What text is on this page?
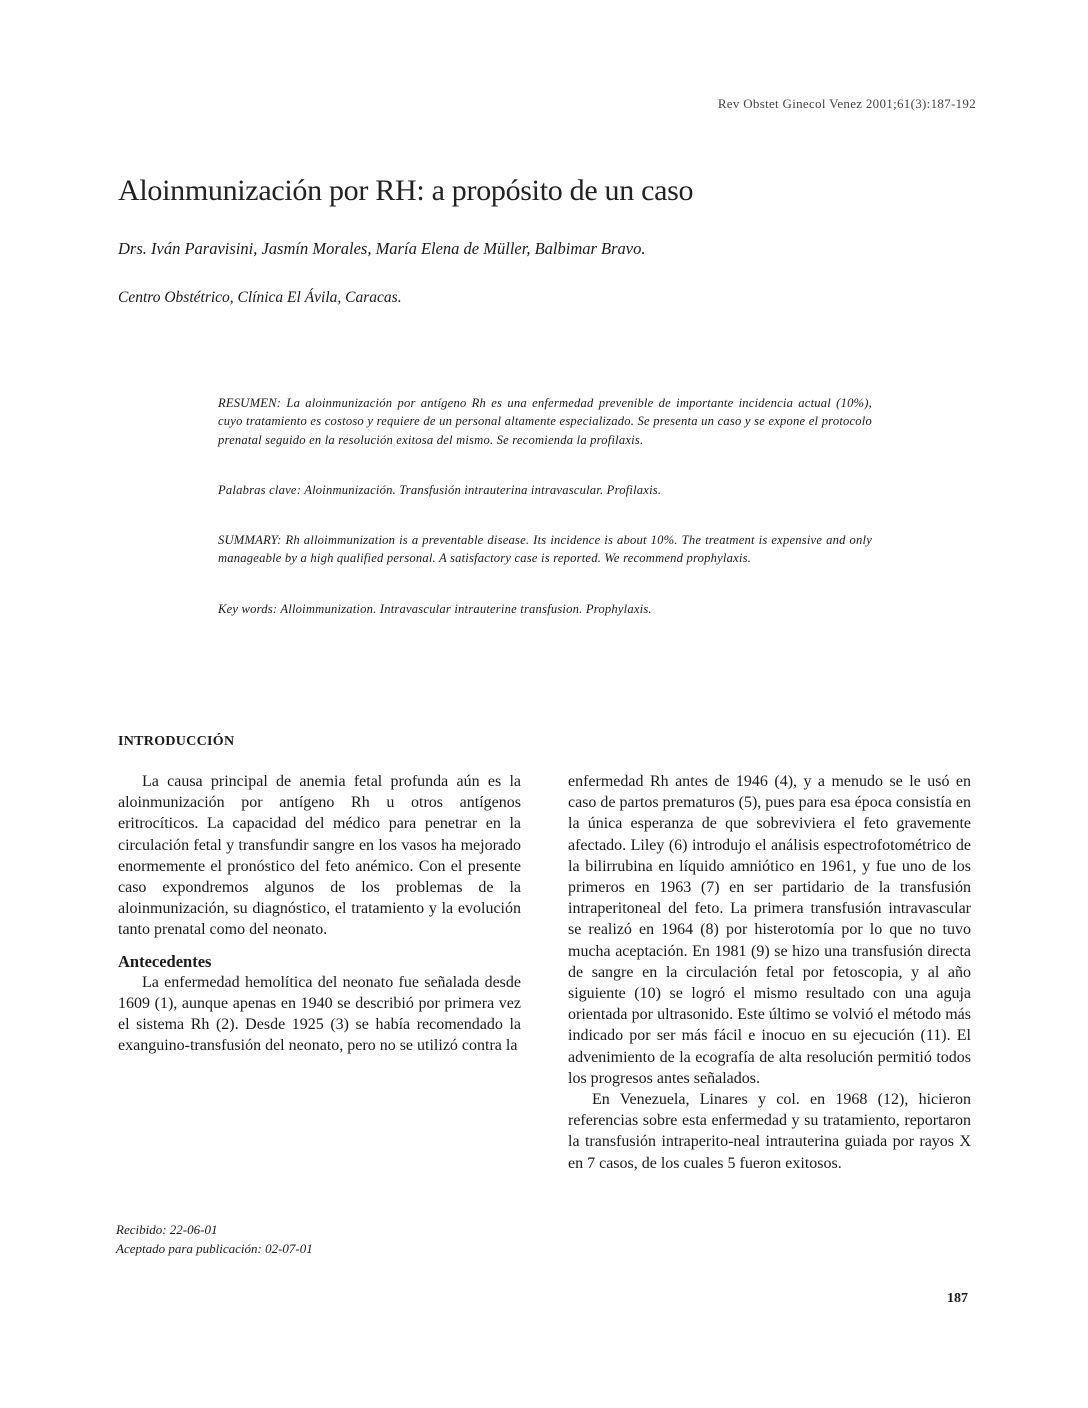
Rev Obstet Ginecol Venez 2001;61(3):187-192
Aloinmunización por RH: a propósito de un caso
Drs. Iván Paravisini, Jasmín Morales, María Elena de Müller, Balbimar Bravo.
Centro Obstétrico, Clínica El Ávila, Caracas.
RESUMEN: La aloinmunización por antígeno Rh es una enfermedad prevenible de importante incidencia actual (10%), cuyo tratamiento es costoso y requiere de un personal altamente especializado. Se presenta un caso y se expone el protocolo prenatal seguido en la resolución exitosa del mismo. Se recomienda la profilaxis.
Palabras clave: Aloinmunización. Transfusión intrauterina intravascular. Profilaxis.
SUMMARY: Rh alloimmunization is a preventable disease. Its incidence is about 10%. The treatment is expensive and only manageable by a high qualified personal. A satisfactory case is reported. We recommend prophylaxis.
Key words: Alloimmunization. Intravascular intrauterine transfusion. Prophylaxis.
INTRODUCCIÓN

La causa principal de anemia fetal profunda aún es la aloinmunización por antígeno Rh u otros antígenos eritrocíticos. La capacidad del médico para penetrar en la circulación fetal y transfundir sangre en los vasos ha mejorado enormemente el pronóstico del feto anémico. Con el presente caso expondremos algunos de los problemas de la aloinmunización, su diagnóstico, el tratamiento y la evolución tanto prenatal como del neonato.

Antecedentes

La enfermedad hemolítica del neonato fue señalada desde 1609 (1), aunque apenas en 1940 se describió por primera vez el sistema Rh (2). Desde 1925 (3) se había recomendado la exanguino-transfusión del neonato, pero no se utilizó contra la

enfermedad Rh antes de 1946 (4), y a menudo se le usó en caso de partos prematuros (5), pues para esa época consistía en la única esperanza de que sobreviviera el feto gravemente afectado. Liley (6) introdujo el análisis espectrofotométrico de la bilirrubina en líquido amniótico en 1961, y fue uno de los primeros en 1963 (7) en ser partidario de la transfusión intraperitoneal del feto. La primera transfusión intravascular se realizó en 1964 (8) por histerotomía por lo que no tuvo mucha aceptación. En 1981 (9) se hizo una transfusión directa de sangre en la circulación fetal por fetoscopia, y al año siguiente (10) se logró el mismo resultado con una aguja orientada por ultrasonido. Este último se volvió el método más indicado por ser más fácil e inocuo en su ejecución (11). El advenimiento de la ecografía de alta resolución permitió todos los progresos antes señalados.

En Venezuela, Linares y col. en 1968 (12), hicieron referencias sobre esta enfermedad y su tratamiento, reportaron la transfusión intraperito-neal intrauterina guiada por rayos X en 7 casos, de los cuales 5 fueron exitosos.

Recibido: 22-06-01
Aceptado para publicación: 02-07-01
187
